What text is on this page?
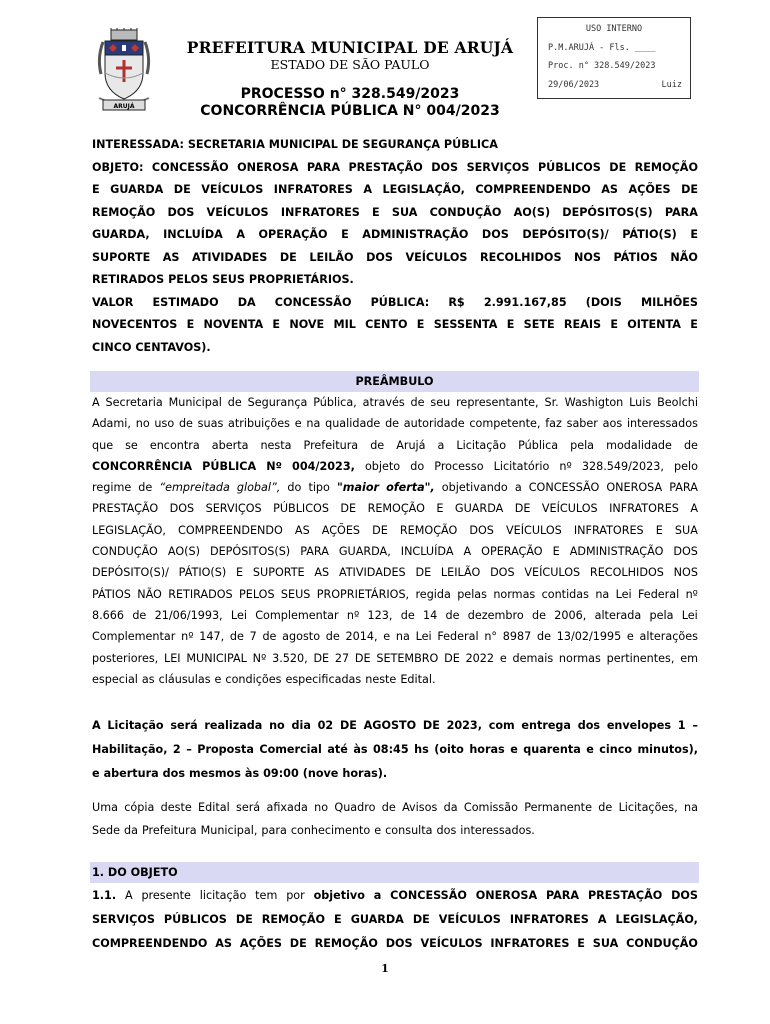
ARUJÁ
PREFEITURA MUNICIPAL DE ARUJÁ
ESTADO DE SÃO PAULO
PROCESSO n° 328.549/2023
CONCORRÊNCIA PÚBLICA N° 004/2023
USO INTERNO
P.M.ARUJÁ - Fls. ____
Proc. n° 328.549/2023
29/06/2023	Luiz
INTERESSADA: SECRETARIA MUNICIPAL DE SEGURANÇA PÚBLICA
OBJETO: CONCESSÃO ONEROSA PARA PRESTAÇÃO DOS SERVIÇOS PÚBLICOS DE REMOÇÃO
E GUARDA DE VEÍCULOS INFRATORES A LEGISLAÇÃO, COMPREENDENDO AS AÇÕES DE
REMOÇÃO DOS VEÍCULOS INFRATORES E SUA CONDUÇÃO AO(S) DEPÓSITOS(S) PARA
GUARDA, INCLUÍDA A OPERAÇÃO E ADMINISTRAÇÃO DOS DEPÓSITO(S)/ PÁTIO(S) E
SUPORTE AS ATIVIDADES DE LEILÃO DOS VEÍCULOS RECOLHIDOS NOS PÁTIOS NÃO
RETIRADOS PELOS SEUS PROPRIETÁRIOS.
VALOR ESTIMADO DA CONCESSÃO PÚBLICA: R$ 2.991.167,85 (DOIS MILHÕES
NOVECENTOS E NOVENTA E NOVE MIL CENTO E SESSENTA E SETE REAIS E OITENTA E
CINCO CENTAVOS).
PREÂMBULO
A Secretaria Municipal de Segurança Pública, através de seu representante, Sr. Washigton Luis Beolchi
Adami, no uso de suas atribuições e na qualidade de autoridade competente, faz saber aos interessados
que se encontra aberta nesta Prefeitura de Arujá a Licitação Pública pela modalidade de
CONCORRÊNCIA PÚBLICA Nº 004/2023, objeto do Processo Licitatório nº 328.549/2023, pelo
regime de “empreitada global”, do tipo "maior oferta", objetivando a CONCESSÃO ONEROSA PARA
PRESTAÇÃO DOS SERVIÇOS PÚBLICOS DE REMOÇÃO E GUARDA DE VEÍCULOS INFRATORES A
LEGISLAÇÃO, COMPREENDENDO AS AÇÕES DE REMOÇÃO DOS VEÍCULOS INFRATORES E SUA
CONDUÇÃO AO(S) DEPÓSITOS(S) PARA GUARDA, INCLUÍDA A OPERAÇÃO E ADMINISTRAÇÃO DOS
DEPÓSITO(S)/ PÁTIO(S) E SUPORTE AS ATIVIDADES DE LEILÃO DOS VEÍCULOS RECOLHIDOS NOS
PÁTIOS NÃO RETIRADOS PELOS SEUS PROPRIETÁRIOS, regida pelas normas contidas na Lei Federal nº
8.666 de 21/06/1993, Lei Complementar nº 123, de 14 de dezembro de 2006, alterada pela Lei
Complementar nº 147, de 7 de agosto de 2014, e na Lei Federal n° 8987 de 13/02/1995 e alterações
posteriores, LEI MUNICIPAL Nº 3.520, DE 27 DE SETEMBRO DE 2022 e demais normas pertinentes, em
especial as cláusulas e condições especificadas neste Edital.
A Licitação será realizada no dia 02 DE AGOSTO DE 2023, com entrega dos envelopes 1 –
Habilitação, 2 – Proposta Comercial até às 08:45 hs (oito horas e quarenta e cinco minutos),
e abertura dos mesmos às 09:00 (nove horas).
Uma cópia deste Edital será afixada no Quadro de Avisos da Comissão Permanente de Licitações, na
Sede da Prefeitura Municipal, para conhecimento e consulta dos interessados.
1. DO OBJETO
1.1. A presente licitação tem por objetivo a CONCESSÃO ONEROSA PARA PRESTAÇÃO DOS
SERVIÇOS PÚBLICOS DE REMOÇÃO E GUARDA DE VEÍCULOS INFRATORES A LEGISLAÇÃO,
COMPREENDENDO AS AÇÕES DE REMOÇÃO DOS VEÍCULOS INFRATORES E SUA CONDUÇÃO
1
